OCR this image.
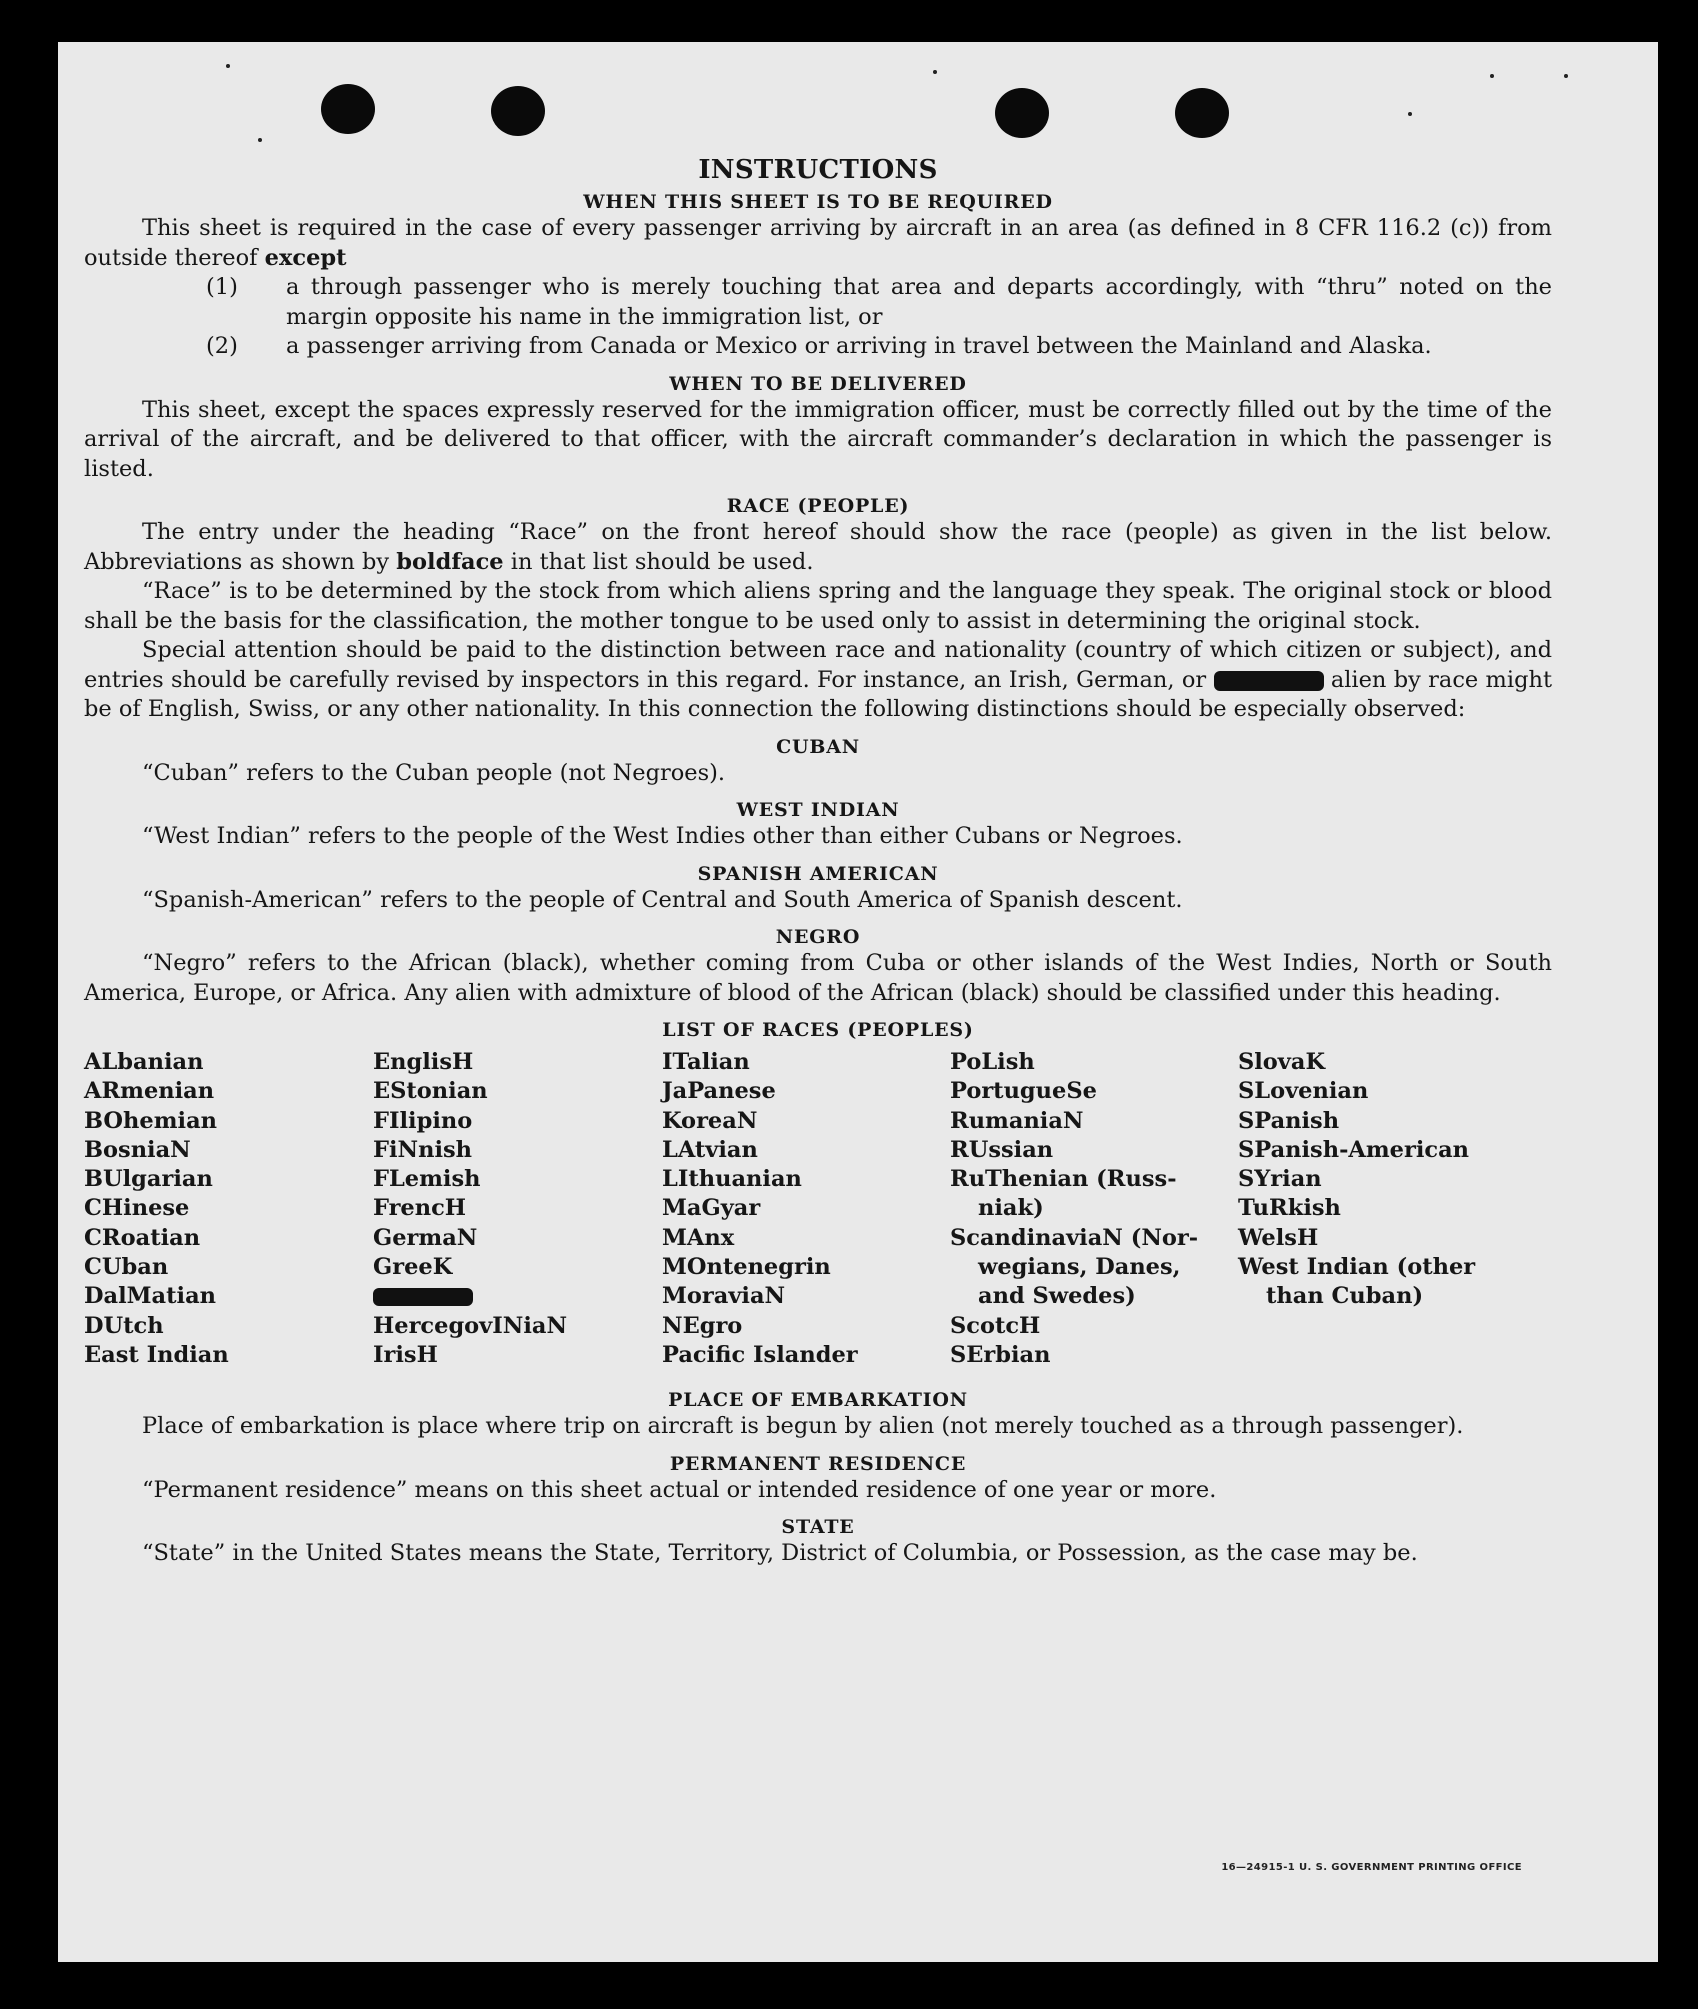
INSTRUCTIONS
WHEN THIS SHEET IS TO BE REQUIRED

This sheet is required in the case of every passenger arriving by aircraft in an area (as defined in 8 CFR 116.2 (c)) from outside thereof except

(1) a through passenger who is merely touching that area and departs accordingly, with “thru” noted on the margin opposite his name in the immigration list, or

(2) a passenger arriving from Canada or Mexico or arriving in travel between the Mainland and Alaska.

WHEN TO BE DELIVERED

This sheet, except the spaces expressly reserved for the immigration officer, must be correctly filled out by the time of the arrival of the aircraft, and be delivered to that officer, with the aircraft commander’s declaration in which the passenger is listed.

RACE (PEOPLE)

The entry under the heading “Race” on the front hereof should show the race (people) as given in the list below. Abbreviations as shown by boldface in that list should be used.

“Race” is to be determined by the stock from which aliens spring and the language they speak. The original stock or blood shall be the basis for the classification, the mother tongue to be used only to assist in determining the original stock.

Special attention should be paid to the distinction between race and nationality (country of which citizen or subject), and entries should be carefully revised by inspectors in this regard. For instance, an Irish, German, or	alien by race might be of English, Swiss, or any other nationality. In this connection the following distinctions should be especially observed:

CUBAN

“Cuban” refers to the Cuban people (not Negroes).

WEST INDIAN

“West Indian” refers to the people of the West Indies other than either Cubans or Negroes.

SPANISH AMERICAN

“Spanish-American” refers to the people of Central and South America of Spanish descent.

NEGRO

“Negro” refers to the African (black), whether coming from Cuba or other islands of the West Indies, North or South America, Europe, or Africa. Any alien with admixture of blood of the African (black) should be classified under this heading.

LIST OF RACES (PEOPLES)
ALbanian
ARmenian
BOhemian
BosniaN
BUlgarian
CHinese
CRoatian
CUban
DalMatian
DUtch
East Indian
EnglisH
EStonian
FIlipino
FiNnish
FLemish
FrencH
GermaN
GreeK
HercegovINiaN
IrisH
ITalian
JaPanese
KoreaN
LAtvian
LIthuanian
MaGyar
MAnx
MOntenegrin
MoraviaN
NEgro
Pacific Islander
PoLish
PortugueSe
RumaniaN
RUssian
RuThenian (Russ-
niak)
ScandinaviaN (Nor-
wegians, Danes,
and Swedes)
ScotcH
SErbian
SlovaK
SLovenian
SPanish
SPanish-American
SYrian
TuRkish
WelsH
West Indian (other
than Cuban)
PLACE OF EMBARKATION

Place of embarkation is place where trip on aircraft is begun by alien (not merely touched as a through passenger).

PERMANENT RESIDENCE

“Permanent residence” means on this sheet actual or intended residence of one year or more.

STATE

“State” in the United States means the State, Territory, District of Columbia, or Possession, as the case may be.

16—24915-1 U. S. GOVERNMENT PRINTING OFFICE
